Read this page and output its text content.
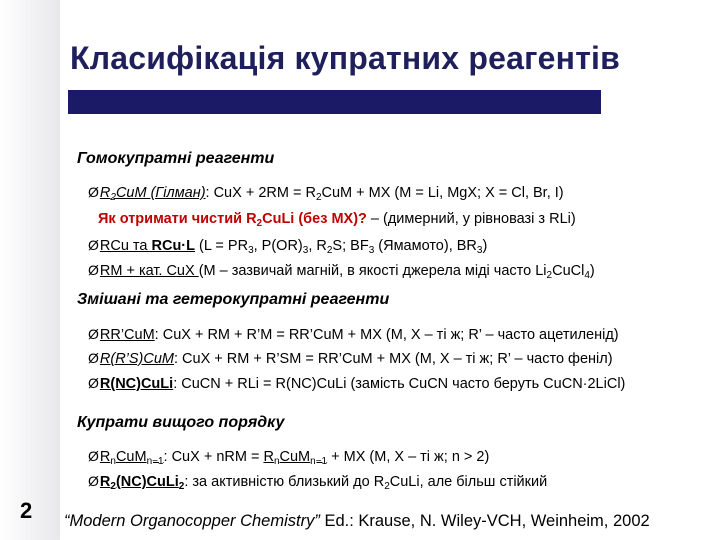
Класифікація купратних реагентів
Гомокупратні реагенти
$ØR_2CuM$ (Гілман): CuX + $2RM = R_2CuM$ + MX (M = Li, MgX; X = Cl, Br, I)
Як отримати чистий $R_2CuLi$ (без MX)? – (димерний, у рівновазі з RLi)
ØRCu та RCu·L ($L = PR_3$, $P(OR)_3$, $R_2S$; $BF_3$ (Ямамото), $BR_3$)
ØRM + кат. CuX (M – зазвичай магній, в якості джерела міді часто $Li_2CuCl_4$)
Змішані та гетерокупратні реагенти
ØRR’CuM: CuX + RM + R’M = RR’CuM + MX (M, X – ті ж; R’ – часто ацетиленід)
ØR(R’S)CuM: CuX + RM + R’SM = RR’CuM + MX (M, X – ті ж; R’ – часто феніл)
ØR(NC)CuLi: CuCN + RLi = R(NC)CuLi (замість CuCN часто беруть CuCN·2LiCl)
Купрати вищого порядку
$ØR_nCuM_{n-1}$: CuX + nRM = $R_nCuM_{n-1}$ + MX (M, X – ті ж; n > 2)
$ØR_2(NC)CuLi_2$: за активністю близький до $R_2CuLi$, але більш стійкий
2 “Modern Organocopper Chemistry” Ed.: Krause, N. Wiley-VCH, Weinheim, 2002
